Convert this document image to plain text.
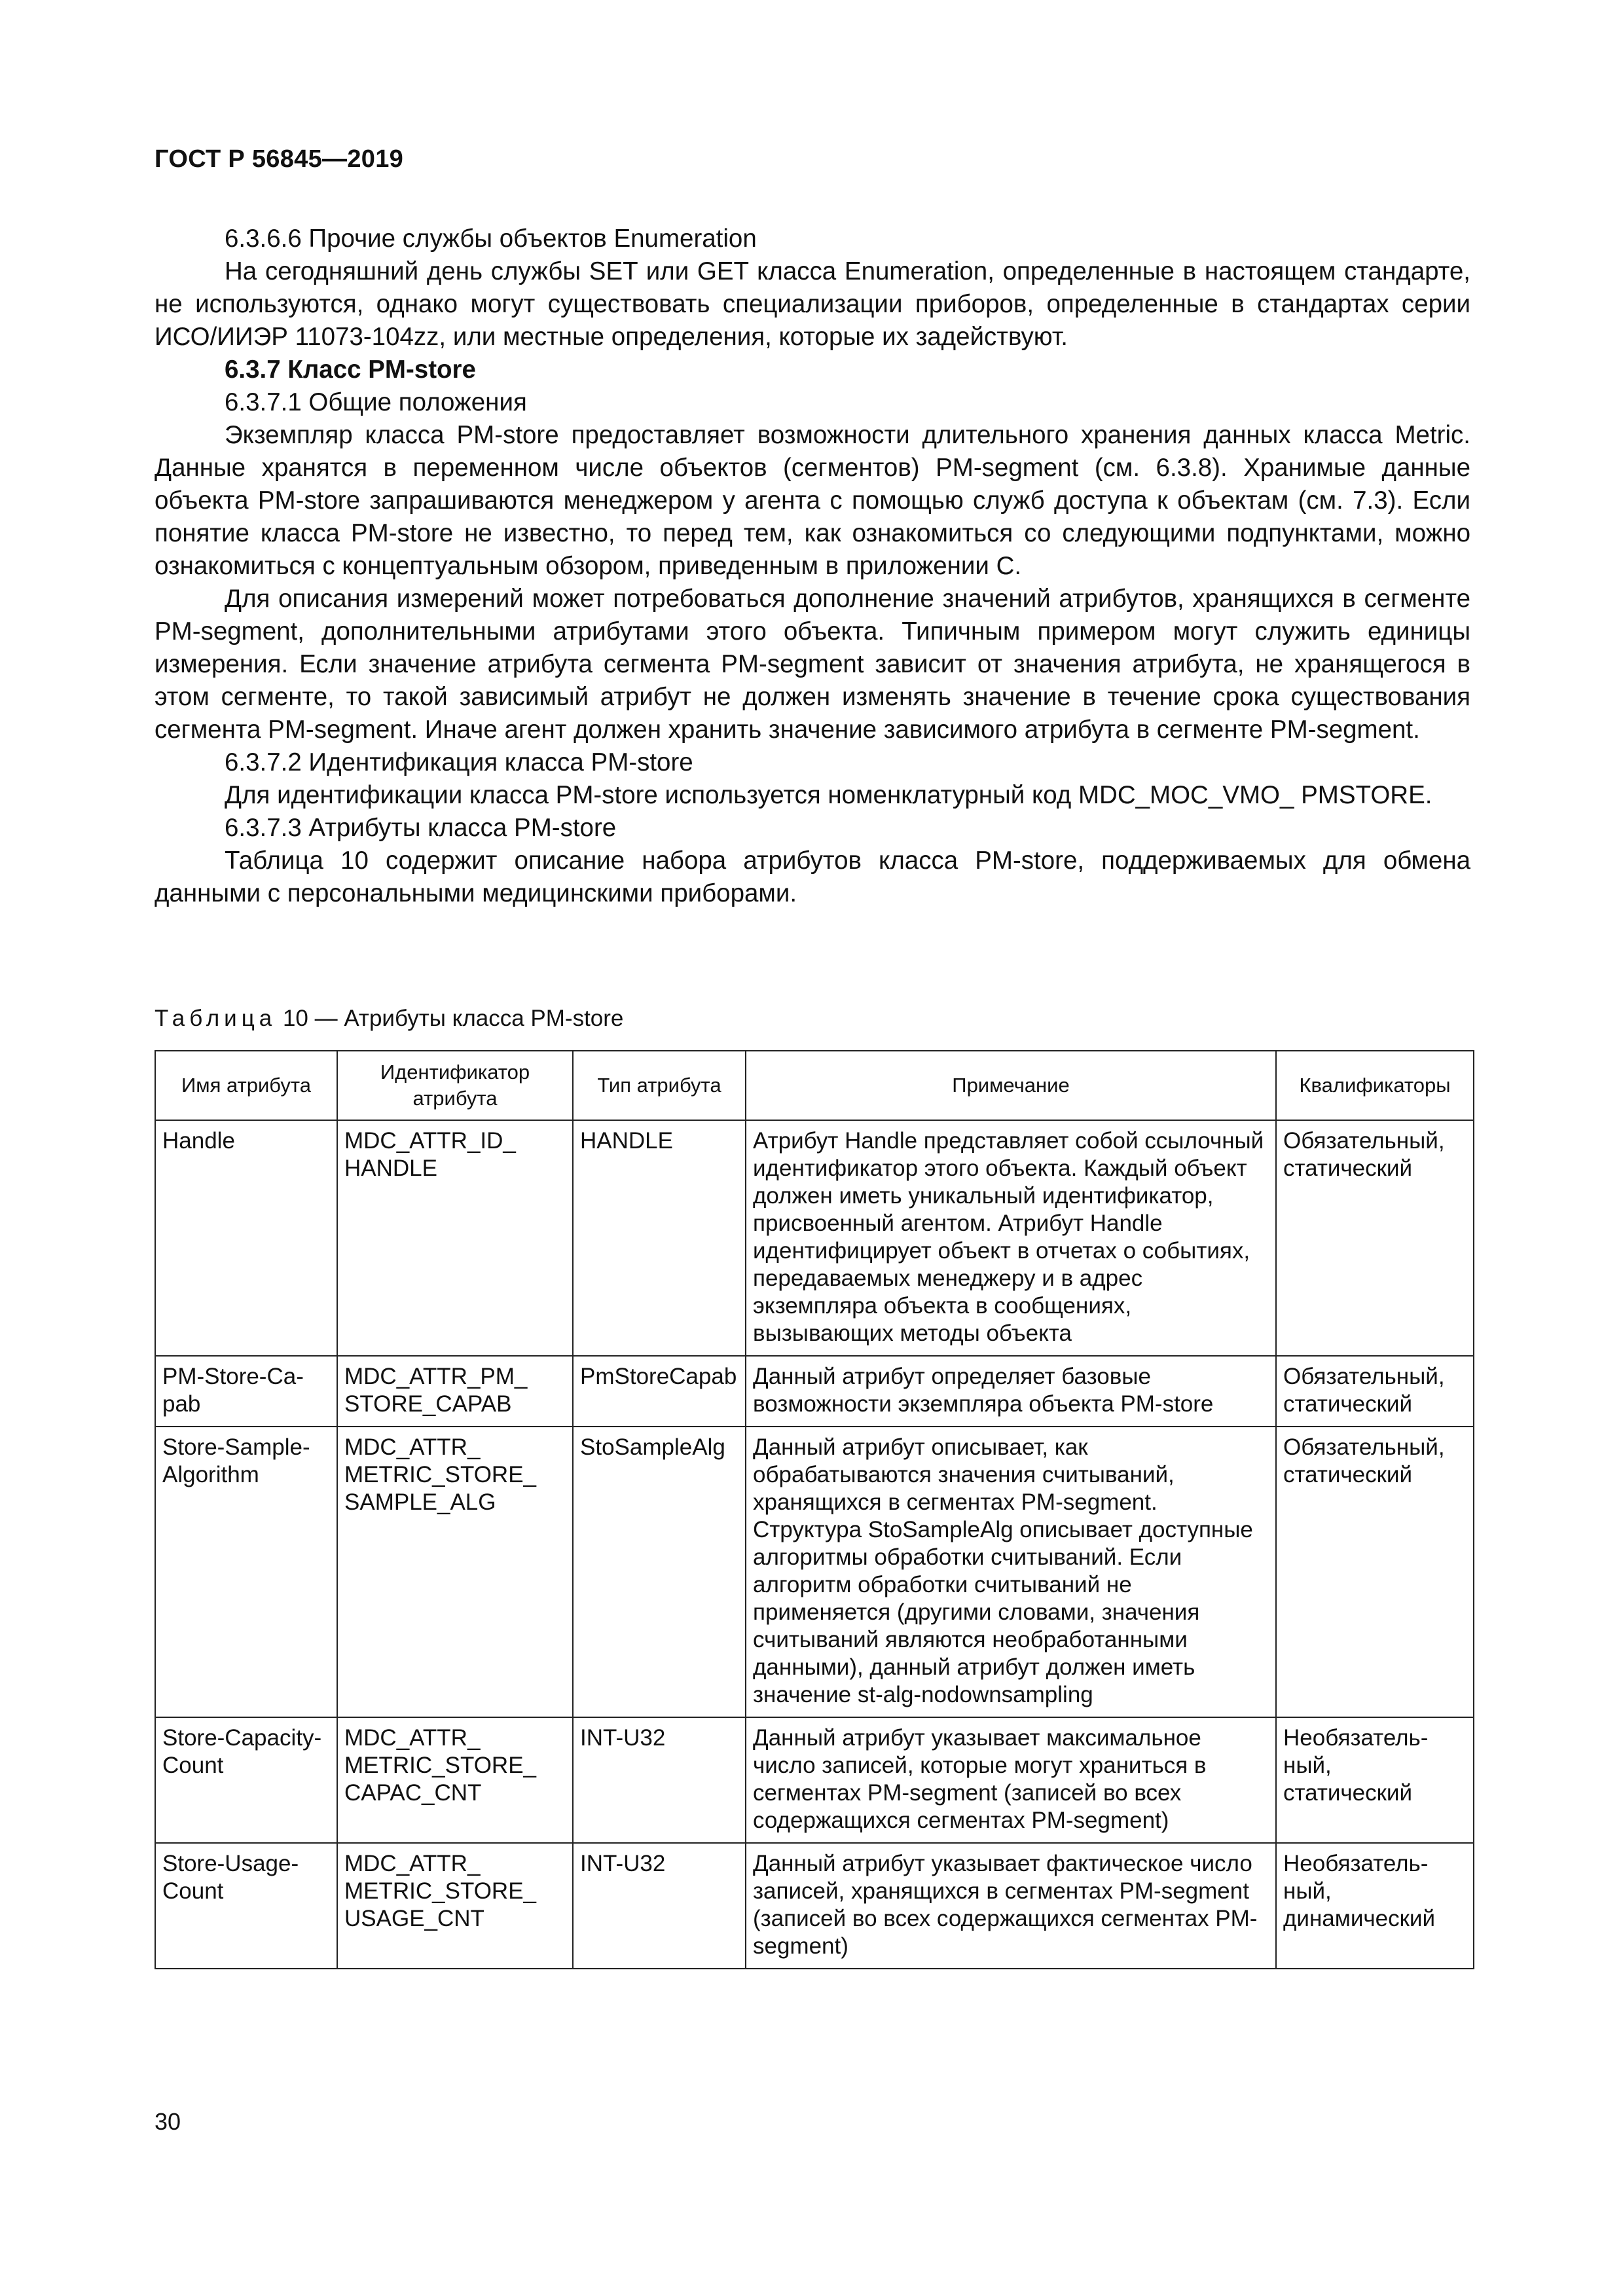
ГОСТ Р 56845—2019

6.3.6.6 Прочие службы объектов Enumeration

На сегодняшний день службы SET или GET класса Enumeration, определенные в настоящем стандарте, не используются, однако могут существовать специализации приборов, определенные в стандартах серии ИСО/ИИЭР 11073-104zz, или местные определения, которые их задействуют.

6.3.7 Класс PM-store

6.3.7.1 Общие положения

Экземпляр класса PM-store предоставляет возможности длительного хранения данных класса Metric. Данные хранятся в переменном числе объектов (сегментов) PM-segment (см. 6.3.8). Хранимые данные объекта PM-store запрашиваются менеджером у агента с помощью служб доступа к объектам (см. 7.3). Если понятие класса PM-store не известно, то перед тем, как ознакомиться со следующими подпунктами, можно ознакомиться с концептуальным обзором, приведенным в приложении С.

Для описания измерений может потребоваться дополнение значений атрибутов, хранящихся в сегменте PM-segment, дополнительными атрибутами этого объекта. Типичным примером могут служить единицы измерения. Если значение атрибута сегмента PM-segment зависит от значения атрибута, не хранящегося в этом сегменте, то такой зависимый атрибут не должен изменять значение в течение срока существования сегмента PM-segment. Иначе агент должен хранить значение зависимого атрибута в сегменте PM-segment.

6.3.7.2 Идентификация класса PM-store

Для идентификации класса PM-store используется номенклатурный код MDC_MOC_VMO_ PMSTORE.

6.3.7.3 Атрибуты класса PM-store

Таблица 10 содержит описание набора атрибутов класса PM-store, поддерживаемых для обмена данными с персональными медицинскими приборами.

Таблица 10 — Атрибуты класса PM-store
Имя атрибута	Идентификатор атрибута	Тип атрибута	Примечание	Квалификаторы
Handle	MDC_ATTR_ID_ HANDLE	HANDLE	Атрибут Handle представляет собой ссылочный идентификатор этого объекта. Каждый объект должен иметь уникальный идентификатор, присвоенный агентом. Атрибут Handle идентифицирует объект в отчетах о событиях, передаваемых менеджеру и в адрес экземпляра объекта в сообщениях, вызывающих методы объекта	Обязательный, статический
PM-Store-Capab	MDC_ATTR_PM_ STORE_CAPAB	PmStoreCapab	Данный атрибут определяет базовые возможности экземпляра объекта PM-store	Обязательный, статический
Store-Sample-Algorithm	MDC_ATTR_ METRIC_STORE_ SAMPLE_ALG	StoSampleAlg	Данный атрибут описывает, как обрабатываются значения считываний, хранящихся в сегментах PM-segment. Структура StoSampleAlg описывает доступные алгоритмы обработки считываний. Если алгоритм обработки считываний не применяется (другими словами, значения считываний являются необработанными данными), данный атрибут должен иметь значение st-alg-nodownsampling	Обязательный, статический
Store-Capacity-Count	MDC_ATTR_ METRIC_STORE_ CAPAC_CNT	INT-U32	Данный атрибут указывает максимальное число записей, которые могут храниться в сегментах PM-segment (записей во всех содержащихся сегментах PM-segment)	Необязательный, статический
Store-Usage-Count	MDC_ATTR_ METRIC_STORE_ USAGE_CNT	INT-U32	Данный атрибут указывает фактическое число записей, хранящихся в сегментах PM-segment (записей во всех содержащихся сегментах PM-segment)	Необязательный, динамический
30
